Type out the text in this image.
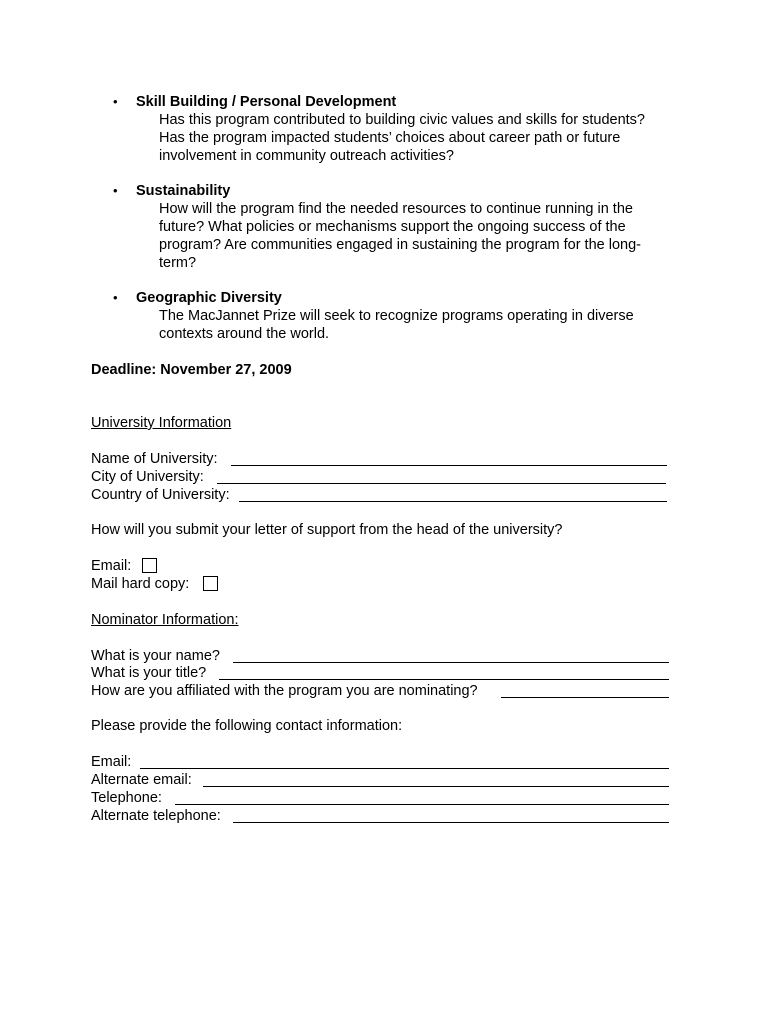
• Skill Building / Personal Development
Has this program contributed to building civic values and skills for students?
Has the program impacted students’ choices about career path or future
involvement in community outreach activities?
• Sustainability
How will the program find the needed resources to continue running in the
future? What policies or mechanisms support the ongoing success of the
program? Are communities engaged in sustaining the program for the long-
term?
• Geographic Diversity
The MacJannet Prize will seek to recognize programs operating in diverse
contexts around the world.
Deadline: November 27, 2009
University Information
Name of University:
City of University:
Country of University:
How will you submit your letter of support from the head of the university?
Email:
Mail hard copy:
Nominator Information:
What is your name?
What is your title?
How are you affiliated with the program you are nominating?
Please provide the following contact information:
Email:
Alternate email:
Telephone:
Alternate telephone:
